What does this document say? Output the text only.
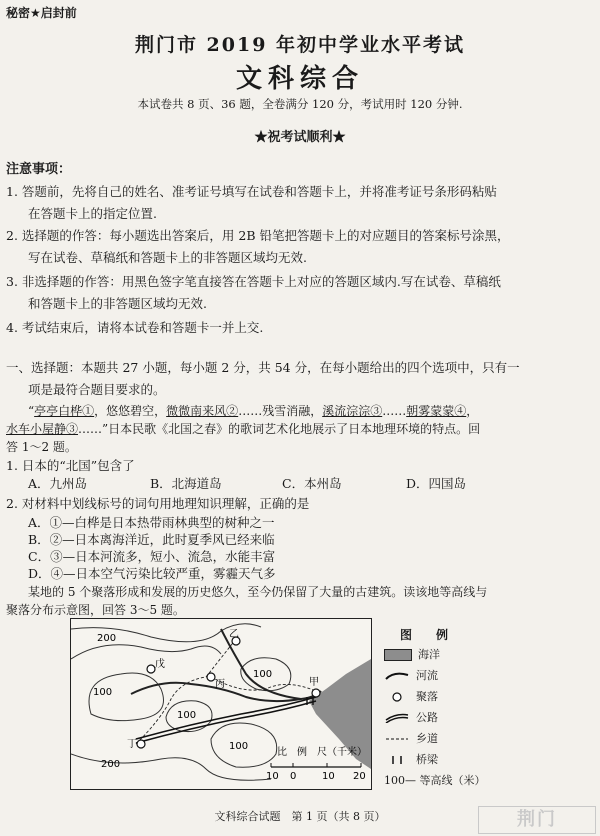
秘密★启封前
荆门市 2019 年初中学业水平考试
文科综合
本试卷共 8 页、36 题，全卷满分 120 分，考试用时 120 分钟.
★祝考试顺利★
注意事项：
1. 答题前，先将自己的姓名、准考证号填写在试卷和答题卡上，并将准考证号条形码粘贴
在答题卡上的指定位置.
2. 选择题的作答：每小题选出答案后，用 2B 铅笔把答题卡上的对应题目的答案标号涂黑，
写在试卷、草稿纸和答题卡上的非答题区域均无效.
3. 非选择题的作答：用黑色签字笔直接答在答题卡上对应的答题区域内.写在试卷、草稿纸
和答题卡上的非答题区域均无效.
4. 考试结束后，请将本试卷和答题卡一并上交.
一、选择题：本题共 27 小题，每小题 2 分，共 54 分，在每小题给出的四个选项中，只有一
项是最符合题目要求的。
“亭亭白桦①，悠悠碧空，微微南来风②……残雪消融，溪流淙淙③……朝雾蒙蒙④，
水车小屋静③……”日本民歌《北国之春》的歌词艺术化地展示了日本地理环境的特点。回
答 1～2 题。
1. 日本的“北国”包含了
A．九州岛	B．北海道岛	C．本州岛	D．四国岛
2. 对材料中划线标号的词句用地理知识理解，正确的是
A．①—白桦是日本热带雨林典型的树种之一
B．②—日本离海洋近，此时夏季风已经来临
C．③—日本河流多，短小、流急，水能丰富
D．④—日本空气污染比较严重，雾霾天气多
200
100
100
100
200
100
乙
戊
丙	甲
丁
比　例　尺（千米）
10 0	10 20
图　例
海洋
河流
聚落
公路
乡道
桥梁
100— 等高线（米）
文科综合试题　第 1 页（共 8 页）	荆门
某地的 5 个聚落形成和发展的历史悠久，至今仍保留了大量的古建筑。读该地等高线与
聚落分布示意图，回答 3～5 题。
